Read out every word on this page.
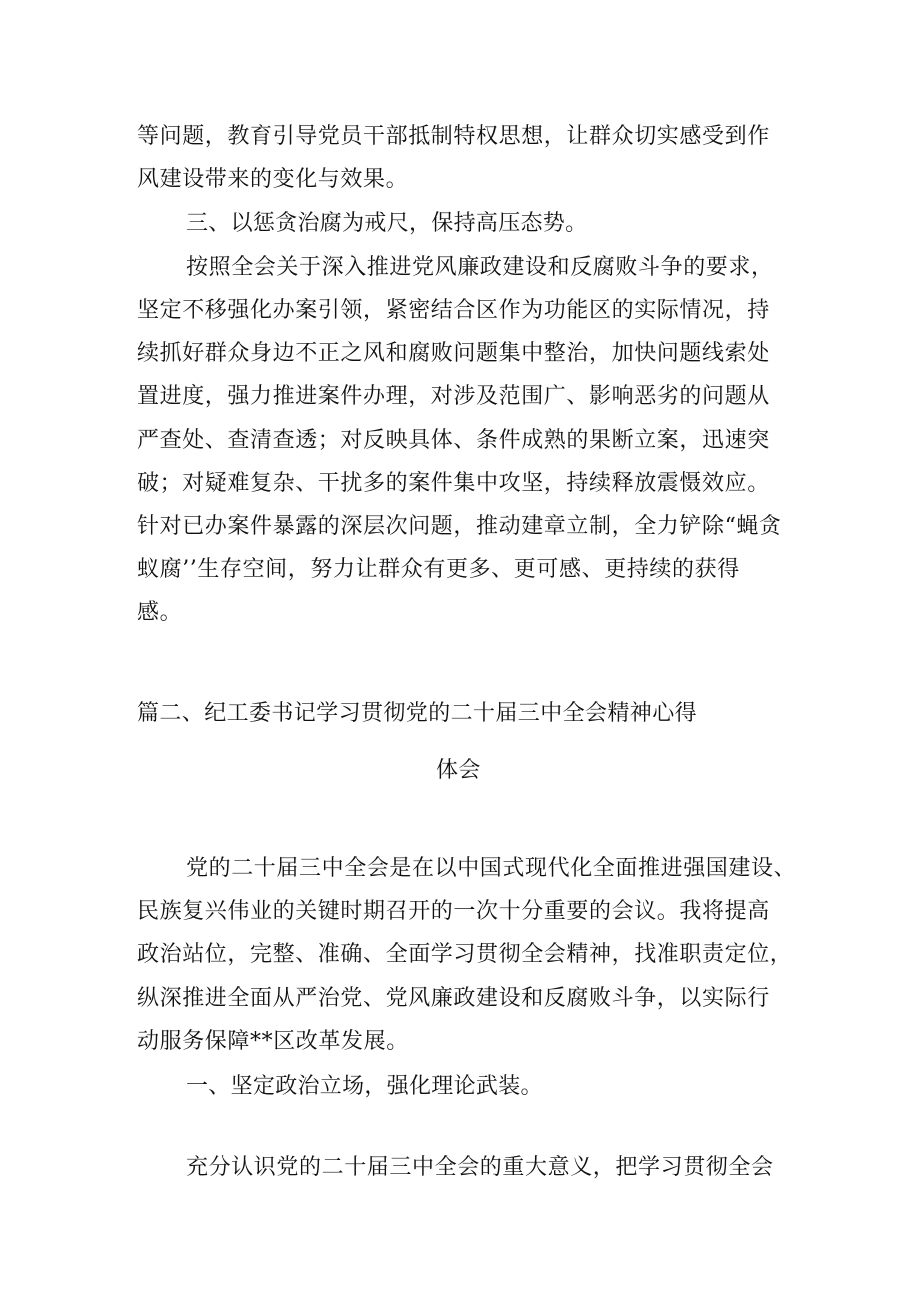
等问题，教育引导党员干部抵制特权思想，让群众切实感受到作
风建设带来的变化与效果。
三、以惩贪治腐为戒尺，保持高压态势。
按照全会关于深入推进党风廉政建设和反腐败斗争的要求，
坚定不移强化办案引领，紧密结合区作为功能区的实际情况，持
续抓好群众身边不正之风和腐败问题集中整治，加快问题线索处
置进度，强力推进案件办理，对涉及范围广、影响恶劣的问题从
严查处、查清查透；对反映具体、条件成熟的果断立案，迅速突
破；对疑难复杂、干扰多的案件集中攻坚，持续释放震慑效应。
针对已办案件暴露的深层次问题，推动建章立制，全力铲除“蝇贪
蚁腐’’生存空间，努力让群众有更多、更可感、更持续的获得
感。
篇二、纪工委书记学习贯彻党的二十届三中全会精神心得
体会
党的二十届三中全会是在以中国式现代化全面推进强国建设、
民族复兴伟业的关键时期召开的一次十分重要的会议。我将提高
政治站位，完整、准确、全面学习贯彻全会精神，找准职责定位，
纵深推进全面从严治党、党风廉政建设和反腐败斗争，以实际行
动服务保障**区改革发展。
一、坚定政治立场，强化理论武装。
充分认识党的二十届三中全会的重大意义，把学习贯彻全会
